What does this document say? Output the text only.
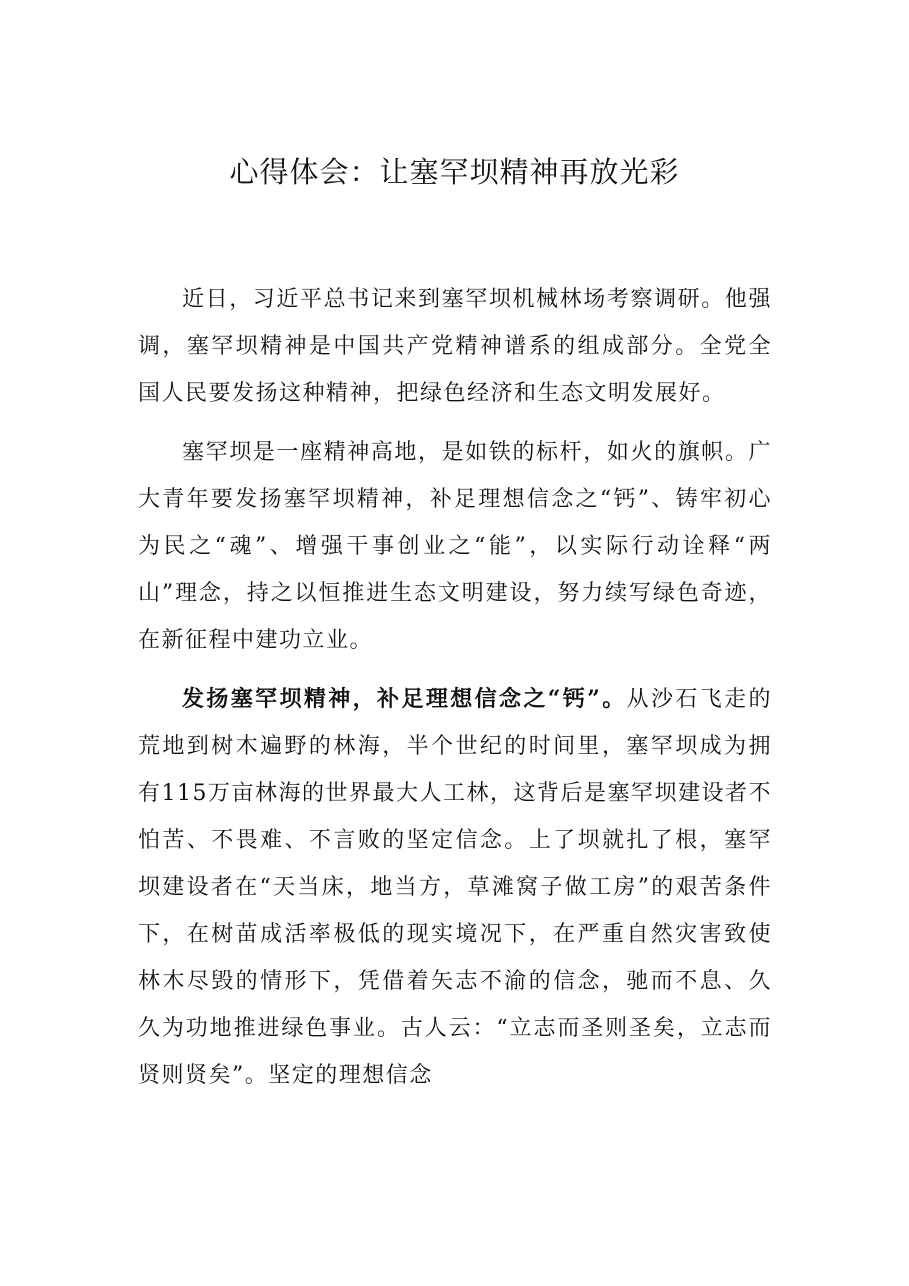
心得体会：让塞罕坝精神再放光彩

近日，习近平总书记来到塞罕坝机械林场考察调研。他强调，塞罕坝精神是中国共产党精神谱系的组成部分。全党全国人民要发扬这种精神，把绿色经济和生态文明发展好。

塞罕坝是一座精神高地，是如铁的标杆，如火的旗帜。广大青年要发扬塞罕坝精神，补足理想信念之“钙”、铸牢初心为民之“魂”、增强干事创业之“能”，以实际行动诠释“两山”理念，持之以恒推进生态文明建设，努力续写绿色奇迹，在新征程中建功立业。

发扬塞罕坝精神，补足理想信念之“钙”。从沙石飞走的荒地到树木遍野的林海，半个世纪的时间里，塞罕坝成为拥有115万亩林海的世界最大人工林，这背后是塞罕坝建设者不怕苦、不畏难、不言败的坚定信念。上了坝就扎了根，塞罕坝建设者在“天当床，地当方，草滩窝子做工房”的艰苦条件下，在树苗成活率极低的现实境况下，在严重自然灾害致使林木尽毁的情形下，凭借着矢志不渝的信念，驰而不息、久久为功地推进绿色事业。古人云：“立志而圣则圣矣，立志而贤则贤矣”。坚定的理想信念
